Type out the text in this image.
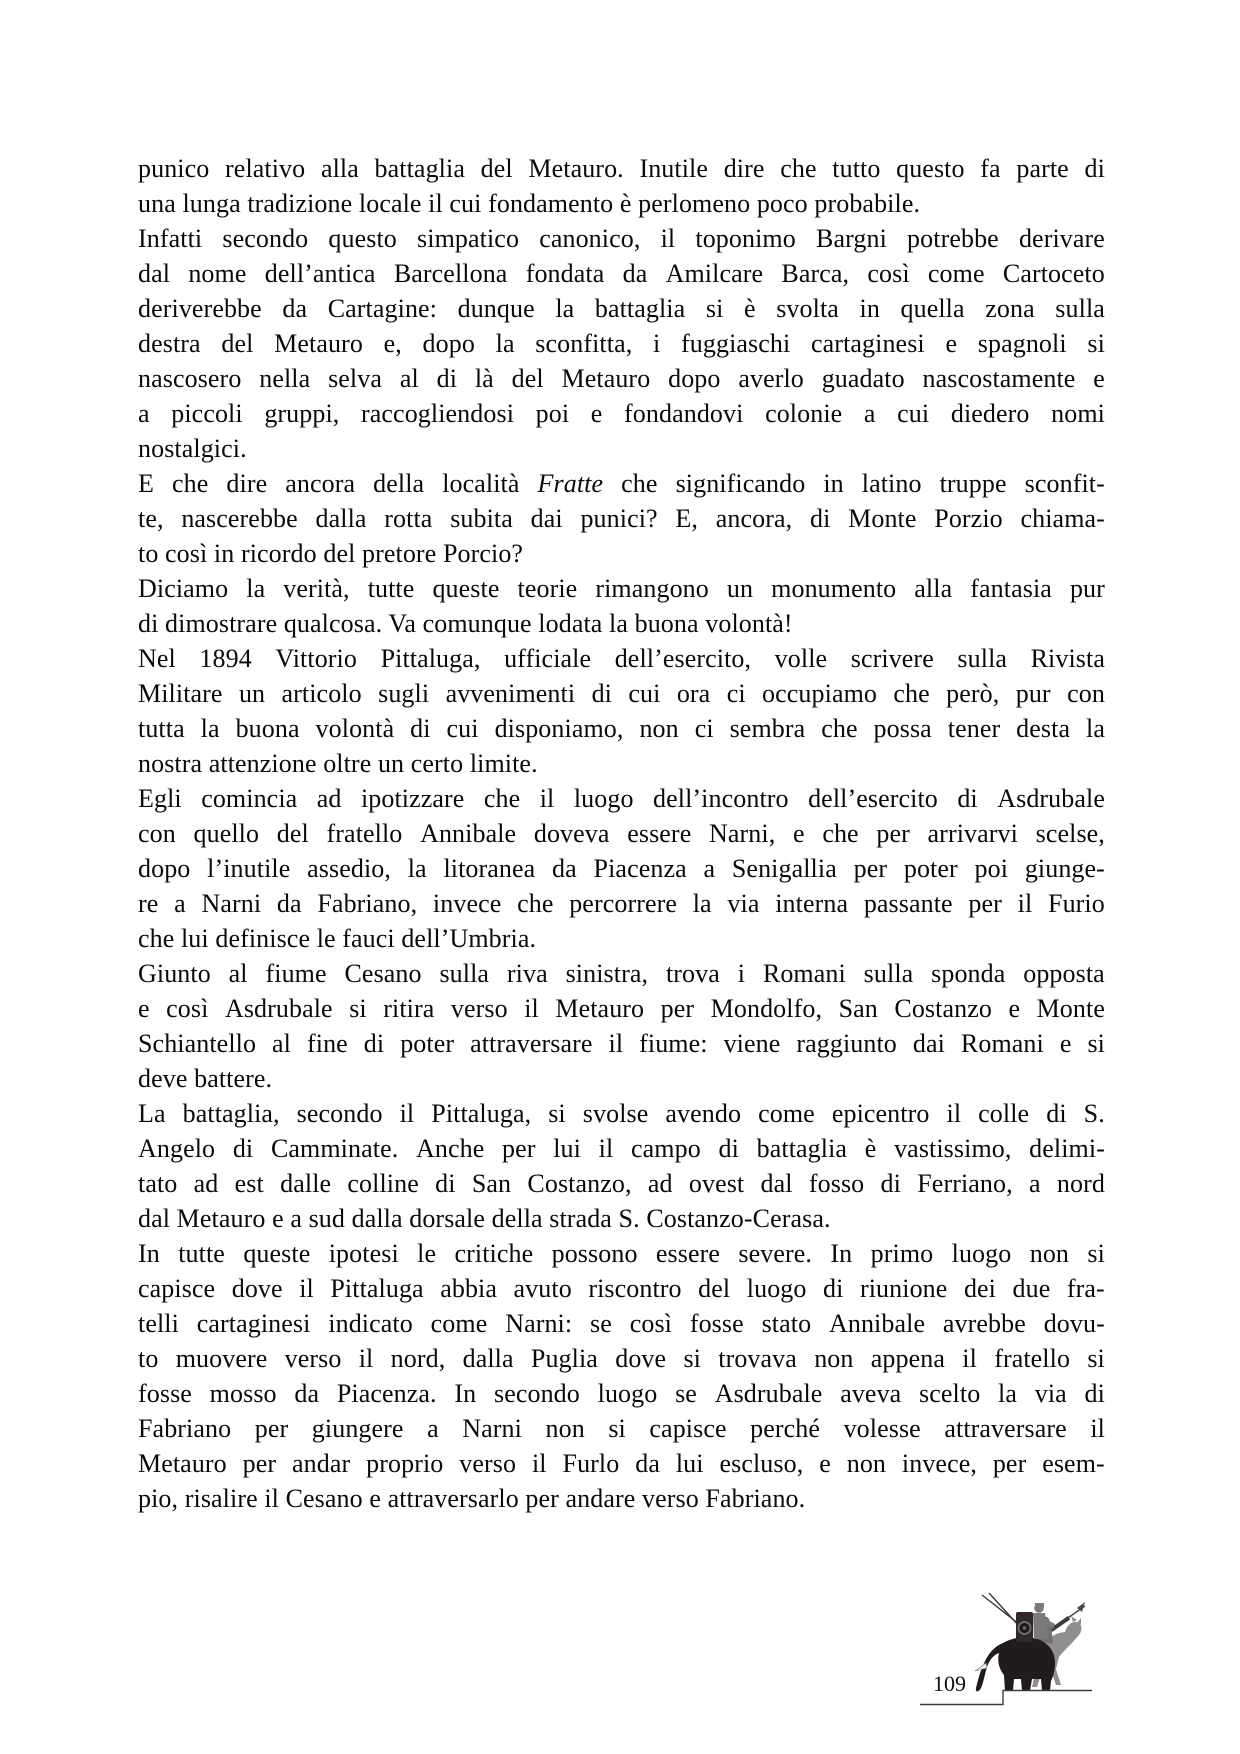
punico relativo alla battaglia del Metauro. Inutile dire che tutto questo fa parte di
una lunga tradizione locale il cui fondamento è perlomeno poco probabile.
Infatti secondo questo simpatico canonico, il toponimo Bargni potrebbe derivare
dal nome dell’antica Barcellona fondata da Amilcare Barca, così come Cartoceto
deriverebbe da Cartagine: dunque la battaglia si è svolta in quella zona sulla
destra del Metauro e, dopo la sconfitta, i fuggiaschi cartaginesi e spagnoli si
nascosero nella selva al di là del Metauro dopo averlo guadato nascostamente e
a piccoli gruppi, raccogliendosi poi e fondandovi colonie a cui diedero nomi
nostalgici.
E che dire ancora della località Fratte che significando in latino truppe sconfit-
te, nascerebbe dalla rotta subita dai punici? E, ancora, di Monte Porzio chiama-
to così in ricordo del pretore Porcio?
Diciamo la verità, tutte queste teorie rimangono un monumento alla fantasia pur
di dimostrare qualcosa. Va comunque lodata la buona volontà!
Nel 1894 Vittorio Pittaluga, ufficiale dell’esercito, volle scrivere sulla Rivista
Militare un articolo sugli avvenimenti di cui ora ci occupiamo che però, pur con
tutta la buona volontà di cui disponiamo, non ci sembra che possa tener desta la
nostra attenzione oltre un certo limite.
Egli comincia ad ipotizzare che il luogo dell’incontro dell’esercito di Asdrubale
con quello del fratello Annibale doveva essere Narni, e che per arrivarvi scelse,
dopo l’inutile assedio, la litoranea da Piacenza a Senigallia per poter poi giunge-
re a Narni da Fabriano, invece che percorrere la via interna passante per il Furio
che lui definisce le fauci dell’Umbria.
Giunto al fiume Cesano sulla riva sinistra, trova i Romani sulla sponda opposta
e così Asdrubale si ritira verso il Metauro per Mondolfo, San Costanzo e Monte
Schiantello al fine di poter attraversare il fiume: viene raggiunto dai Romani e si
deve battere.
La battaglia, secondo il Pittaluga, si svolse avendo come epicentro il colle di S.
Angelo di Camminate. Anche per lui il campo di battaglia è vastissimo, delimi-
tato ad est dalle colline di San Costanzo, ad ovest dal fosso di Ferriano, a nord
dal Metauro e a sud dalla dorsale della strada S. Costanzo-Cerasa.
In tutte queste ipotesi le critiche possono essere severe. In primo luogo non si
capisce dove il Pittaluga abbia avuto riscontro del luogo di riunione dei due fra-
telli cartaginesi indicato come Narni: se così fosse stato Annibale avrebbe dovu-
to muovere verso il nord, dalla Puglia dove si trovava non appena il fratello si
fosse mosso da Piacenza. In secondo luogo se Asdrubale aveva scelto la via di
Fabriano per giungere a Narni non si capisce perché volesse attraversare il
Metauro per andar proprio verso il Furlo da lui escluso, e non invece, per esem-
pio, risalire il Cesano e attraversarlo per andare verso Fabriano.
109
